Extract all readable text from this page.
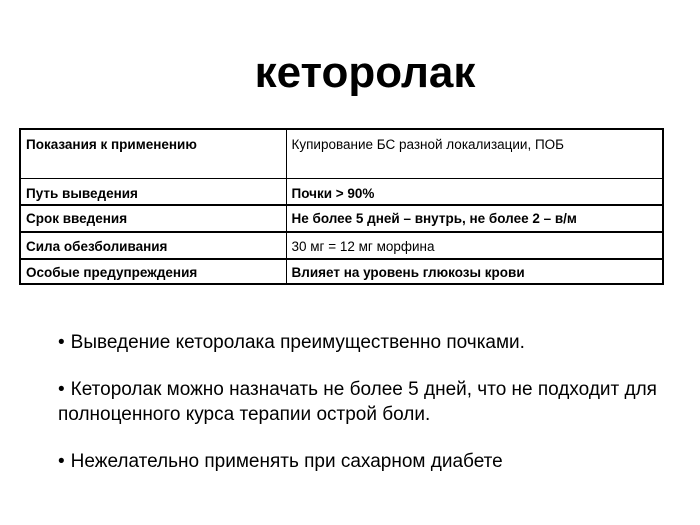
кеторолак
Показания к применению	Купирование БС разной локализации, ПОБ
Путь выведения	Почки > 90%
Срок введения	Не более 5 дней – внутрь, не более 2 – в/м
Сила обезболивания	30 мг = 12 мг морфина
Особые предупреждения	Влияет на уровень глюкозы крови
• Выведение кеторолака преимущественно почками.
• Кеторолак можно назначать не более 5 дней, что не подходит для полноценного курса терапии острой боли.
• Нежелательно применять при сахарном диабете
